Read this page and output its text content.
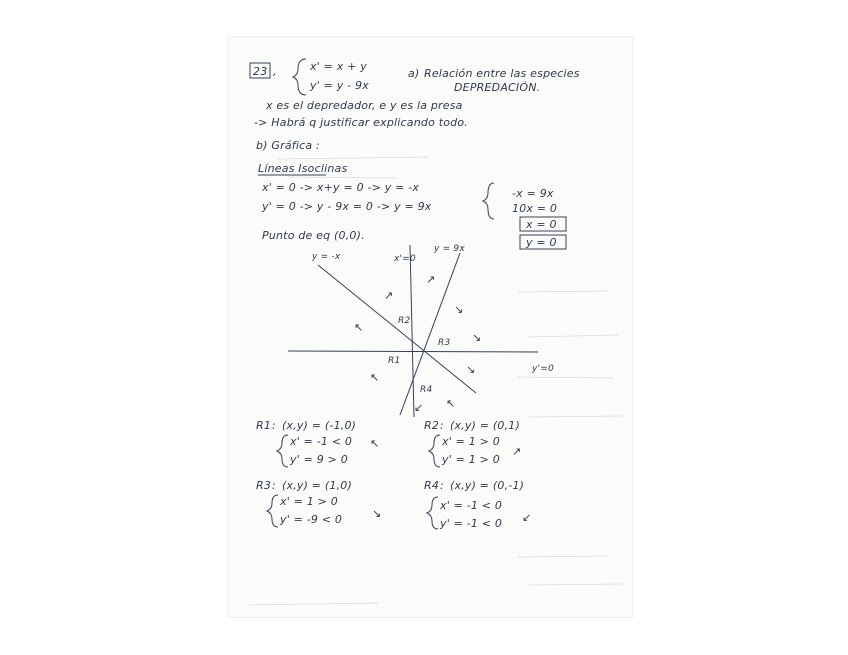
23 ,	x' = x + y
y' = y - 9x
a) Relación entre las especies
DEPREDACIÓN.
x es el depredador, e y es la presa
-> Habrá q justificar explicando todo.
b) Gráfica :
Líneas Isoclinas
x' = 0 -> x+y = 0 -> y = -x
y' = 0 -> y - 9x = 0 -> y = 9x
-x = 9x
10x = 0
x = 0
y = 0
Punto de eq (0,0).
y = -x	x'=0
y = 9x
y'=0
R1
R2
R3
R4
↗
↗
↖
↖
↘
↘
↘
↙ ↖
R1 : (x,y) = (-1,0)
x' = -1 < 0
y' = 9 > 0
↖
R2 : (x,y) = (0,1)
x' = 1 > 0
y' = 1 > 0
↗
R3 : (x,y) = (1,0)
x' = 1 > 0
y' = -9 < 0	↘
R4 : (x,y) = (0,-1)
x' = -1 < 0
y' = -1 < 0 ↙
